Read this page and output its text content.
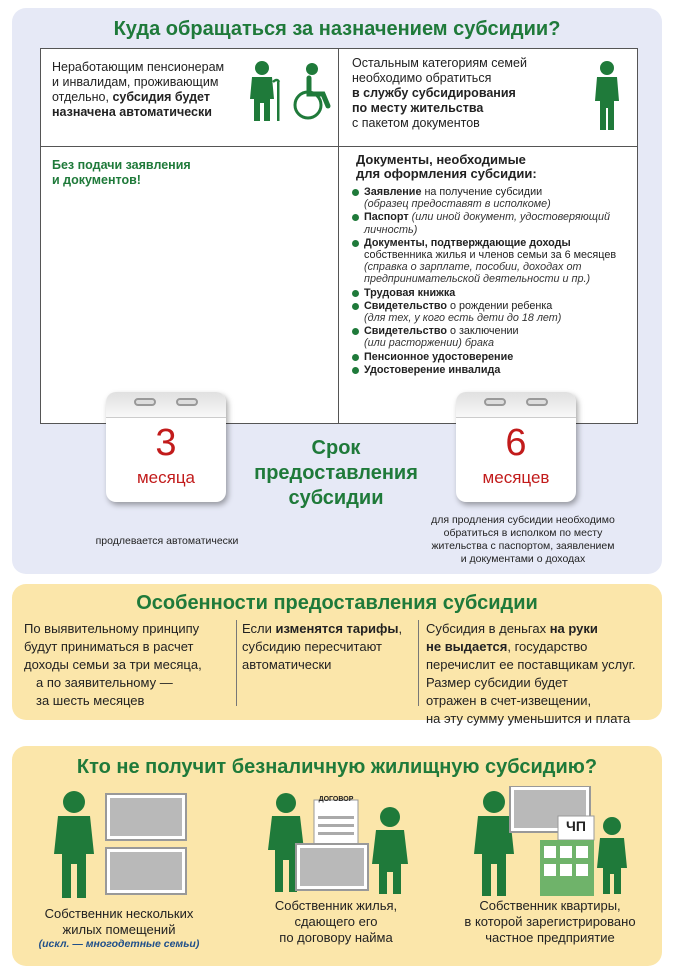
Куда обращаться за назначением субсидии?
Неработающим пенсионерам
и инвалидам, проживающим
отдельно, субсидия будет
назначена автоматически
Без подачи заявления
и документов!
Остальным категориям семей
необходимо обратиться
в службу субсидирования
по месту жительства
с пакетом документов
Документы, необходимые
для оформления субсидии:
Заявление на получение субсидии
(образец предоставят в исполкоме)
Паспорт (или иной документ, удостоверяющий личность)
Документы, подтверждающие доходы
собственника жилья и членов семьи за 6 месяцев
(справка о зарплате, пособии, доходах от предпринимательской деятельности и пр.)
Трудовая книжка
Свидетельство о рождении ребенка
(для тех, у кого есть дети до 18 лет)
Свидетельство о заключении
(или расторжении) брака
Пенсионное удостоверение
Удостоверение инвалида
3
месяца
6
месяцев
Срок
предоставления
субсидии
продлевается автоматически
для продления субсидии необходимо
обратиться в исполком по месту
жительства с паспортом, заявлением
и документами о доходах
Особенности предоставления субсидии
По выявительному принципу
будут приниматься в расчет
доходы семьи за три месяца,
а по заявительному —
за шесть месяцев
Если изменятся тарифы,
субсидию пересчитают
автоматически
Субсидия в деньгах на руки
не выдается, государство
перечислит ее поставщикам услуг.
Размер субсидии будет
отражен в счет-извещении,
на эту сумму уменьшится и плата
Кто не получит безналичную жилищную субсидию?
Собственник нескольких
жилых помещений
(искл. — многодетные семьи)
ДОГОВОР
Собственник жилья,
сдающего его
по договору найма
ЧП
Собственник квартиры,
в которой зарегистрировано
частное предприятие
